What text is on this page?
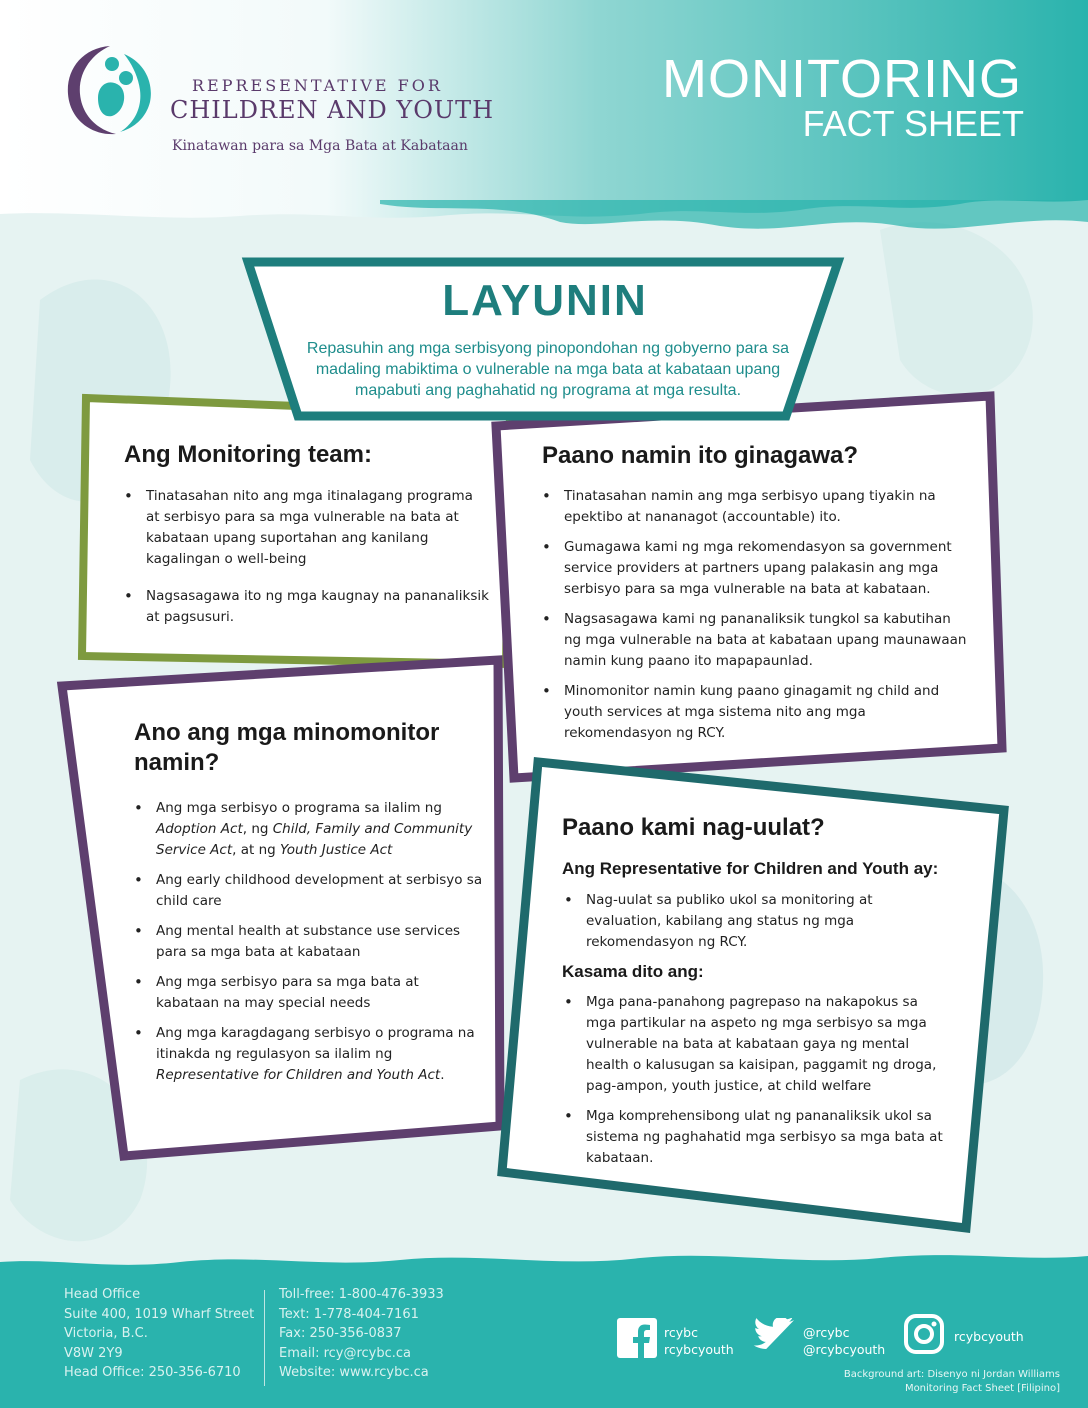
REPRESENTATIVE FOR
CHILDREN AND YOUTH
Kinatawan para sa Mga Bata at Kabataan
MONITORING
FACT SHEET
LAYUNIN
Repasuhin ang mga serbisyong pinopondohan ng gobyerno para sa madaling mabiktima o vulnerable na mga bata at kabataan upang mapabuti ang paghahatid ng programa at mga resulta.
Ang Monitoring team:
• Tinatasahan nito ang mga itinalagang programa at serbisyo para sa mga vulnerable na bata at kabataan upang suportahan ang kanilang kagalingan o well-being
• Nagsasagawa ito ng mga kaugnay na pananaliksik at pagsusuri.
Paano namin ito ginagawa?
• Tinatasahan namin ang mga serbisyo upang tiyakin na epektibo at nananagot (accountable) ito.
• Gumagawa kami ng mga rekomendasyon sa government service providers at partners upang palakasin ang mga serbisyo para sa mga vulnerable na bata at kabataan.
• Nagsasagawa kami ng pananaliksik tungkol sa kabutihan ng mga vulnerable na bata at kabataan upang maunawaan namin kung paano ito mapapaunlad.
• Minomonitor namin kung paano ginagamit ng child and youth services at mga sistema nito ang mga rekomendasyon ng RCY.
Ano ang mga minomonitor
namin?
• Ang mga serbisyo o programa sa ilalim ng Adoption Act, ng Child, Family and Community Service Act, at ng Youth Justice Act
• Ang early childhood development at serbisyo sa child care
• Ang mental health at substance use services para sa mga bata at kabataan
• Ang mga serbisyo para sa mga bata at kabataan na may special needs
• Ang mga karagdagang serbisyo o programa na itinakda ng regulasyon sa ilalim ng Representative for Children and Youth Act.
Paano kami nag-uulat?
Ang Representative for Children and Youth ay:
• Nag-uulat sa publiko ukol sa monitoring at evaluation, kabilang ang status ng mga rekomendasyon ng RCY.
Kasama dito ang:
• Mga pana-panahong pagrepaso na nakapokus sa mga partikular na aspeto ng mga serbisyo sa mga vulnerable na bata at kabataan gaya ng mental health o kalusugan sa kaisipan, paggamit ng droga, pag-ampon, youth justice, at child welfare
• Mga komprehensibong ulat ng pananaliksik ukol sa sistema ng paghahatid mga serbisyo sa mga bata at kabataan.
Head Office
Suite 400, 1019 Wharf Street
Victoria, B.C.
V8W 2Y9
Head Office: 250-356-6710
Toll-free: 1-800-476-3933
Text: 1-778-404-7161
Fax: 250-356-0837
Email: rcy@rcybc.ca
Website: www.rcybc.ca
rcybc
rcybcyouth
@rcybc
@rcybcyouth
rcybcyouth
Background art: Disenyo ni Jordan Williams
Monitoring Fact Sheet [Filipino]
